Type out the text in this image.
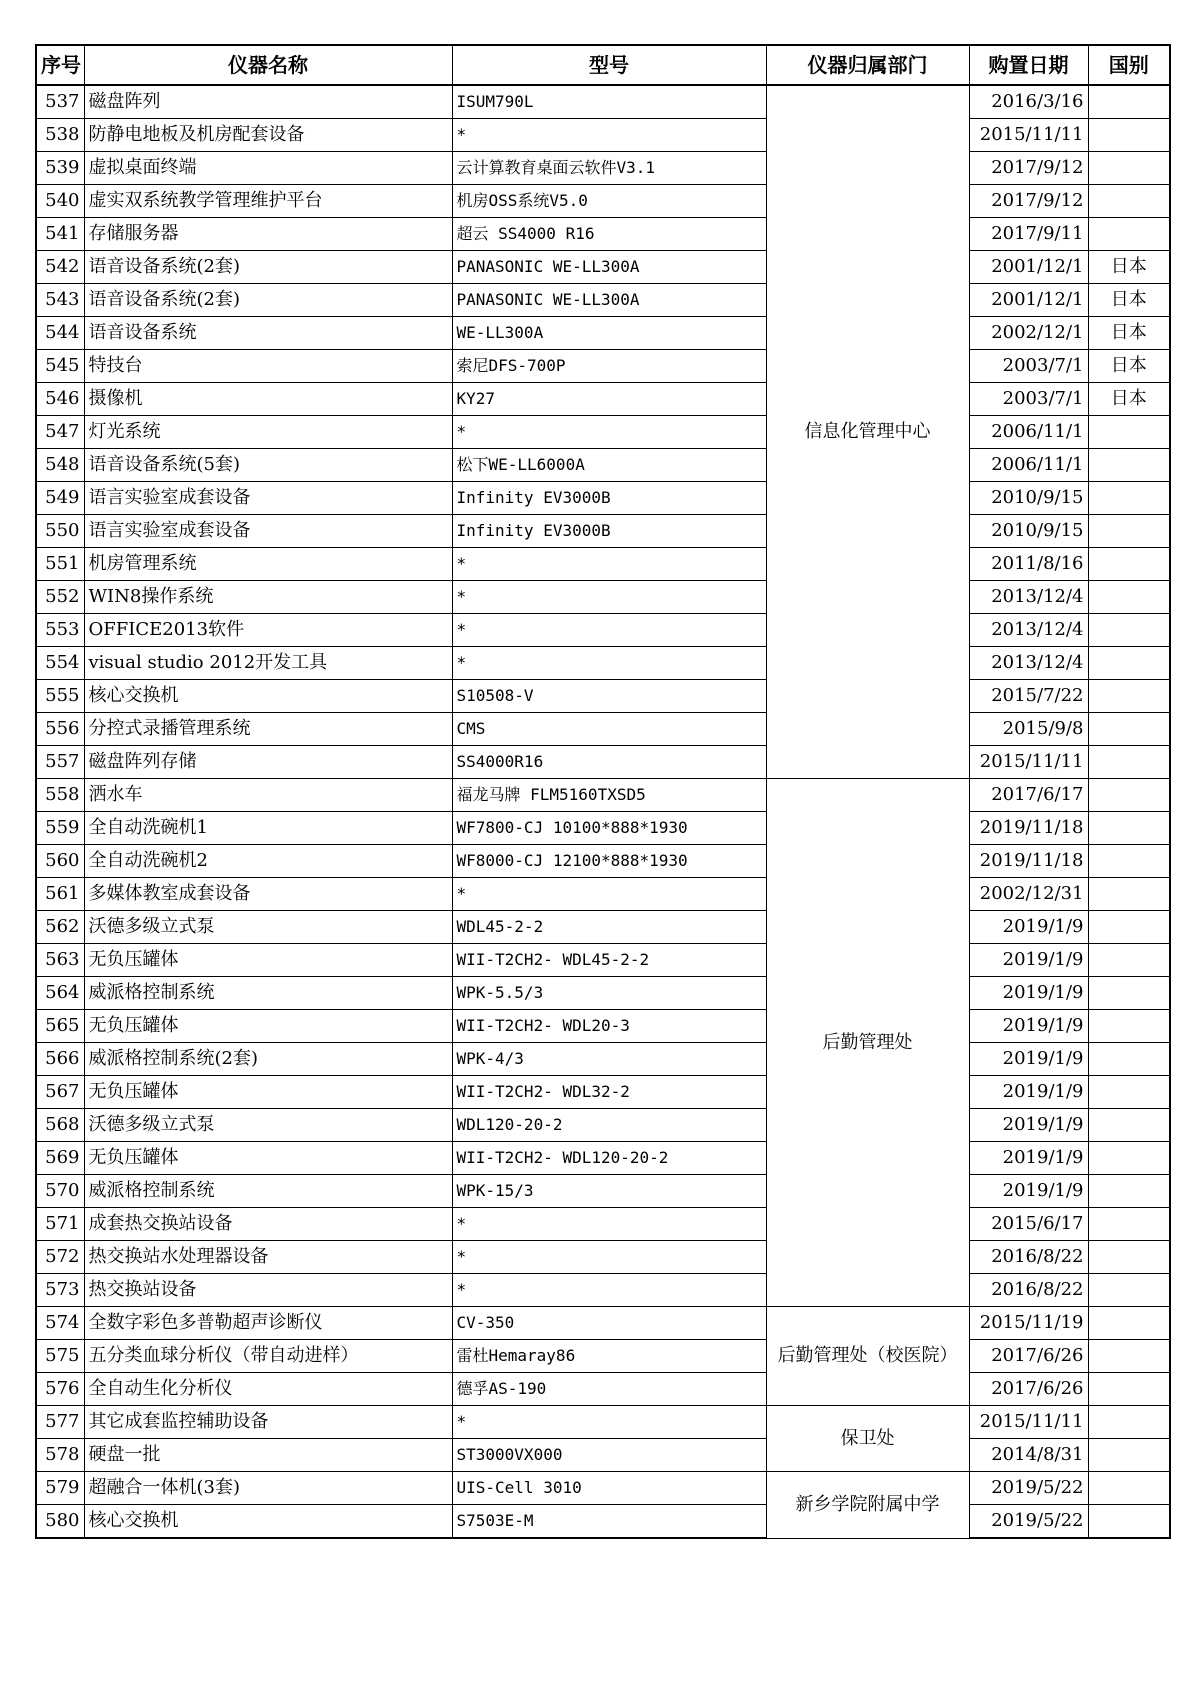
序号	仪器名称	型号	仪器归属部门	购置日期	国别
537	磁盘阵列	ISUM790L	信息化管理中心	2016/3/16	
538	防静电地板及机房配套设备	*		2015/11/11	
539	虚拟桌面终端	云计算教育桌面云软件V3.1		2017/9/12	
540	虚实双系统教学管理维护平台	机房OSS系统V5.0		2017/9/12	
541	存储服务器	超云 SS4000 R16		2017/9/11	
542	语音设备系统(2套)	PANASONIC WE-LL300A		2001/12/1	日本
543	语音设备系统(2套)	PANASONIC WE-LL300A		2001/12/1	日本
544	语音设备系统	WE-LL300A		2002/12/1	日本
545	特技台	索尼DFS-700P		2003/7/1	日本
546	摄像机	KY27		2003/7/1	日本
547	灯光系统	*		2006/11/1	
548	语音设备系统(5套)	松下WE-LL6000A		2006/11/1	
549	语言实验室成套设备	Infinity EV3000B		2010/9/15	
550	语言实验室成套设备	Infinity EV3000B		2010/9/15	
551	机房管理系统	*		2011/8/16	
552	WIN8操作系统	*		2013/12/4	
553	OFFICE2013软件	*		2013/12/4	
554	visual studio 2012开发工具	*		2013/12/4	
555	核心交换机	S10508-V		2015/7/22	
556	分控式录播管理系统	CMS		2015/9/8	
557	磁盘阵列存储	SS4000R16		2015/11/11	
558	洒水车	福龙马牌 FLM5160TXSD5	后勤管理处	2017/6/17	
559	全自动洗碗机1	WF7800-CJ 10100*888*1930		2019/11/18	
560	全自动洗碗机2	WF8000-CJ 12100*888*1930		2019/11/18	
561	多媒体教室成套设备	*		2002/12/31	
562	沃德多级立式泵	WDL45-2-2		2019/1/9	
563	无负压罐体	WII-T2CH2- WDL45-2-2		2019/1/9	
564	威派格控制系统	WPK-5.5/3		2019/1/9	
565	无负压罐体	WII-T2CH2- WDL20-3		2019/1/9	
566	威派格控制系统(2套)	WPK-4/3		2019/1/9	
567	无负压罐体	WII-T2CH2- WDL32-2		2019/1/9	
568	沃德多级立式泵	WDL120-20-2		2019/1/9	
569	无负压罐体	WII-T2CH2- WDL120-20-2		2019/1/9	
570	威派格控制系统	WPK-15/3		2019/1/9	
571	成套热交换站设备	*		2015/6/17	
572	热交换站水处理器设备	*		2016/8/22	
573	热交换站设备	*		2016/8/22	
574	全数字彩色多普勒超声诊断仪	CV-350	后勤管理处（校医院）	2015/11/19	
575	五分类血球分析仪（带自动进样）	雷杜Hemaray86		2017/6/26	
576	全自动生化分析仪	德孚AS-190		2017/6/26	
577	其它成套监控辅助设备	*	保卫处	2015/11/11	
578	硬盘一批	ST3000VX000		2014/8/31	
579	超融合一体机(3套)	UIS-Cell 3010	新乡学院附属中学	2019/5/22	
580	核心交换机	S7503E-M		2019/5/22	
